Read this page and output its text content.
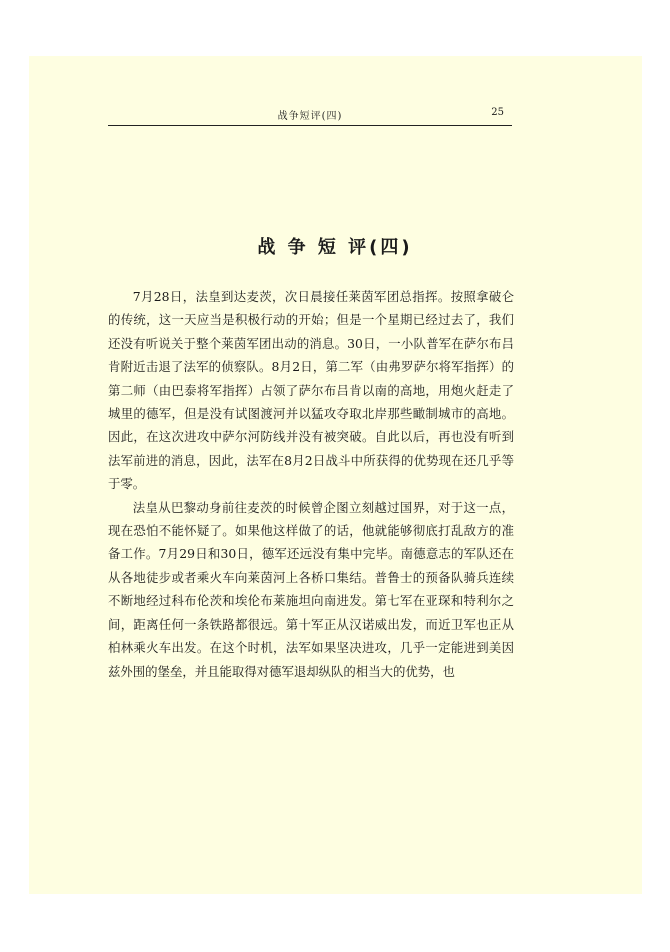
战争短评(四)	25
战 争 短 评(四)

7月28日，法皇到达麦茨，次日晨接任莱茵军团总指挥。按照拿破仑的传统，这一天应当是积极行动的开始；但是一个星期已经过去了，我们还没有听说关于整个莱茵军团出动的消息。30日，一小队普军在萨尔布吕肯附近击退了法军的侦察队。8月2日，第二军（由弗罗萨尔将军指挥）的第二师（由巴泰将军指挥）占领了萨尔布吕肯以南的高地，用炮火赶走了城里的德军，但是没有试图渡河并以猛攻夺取北岸那些瞰制城市的高地。因此，在这次进攻中萨尔河防线并没有被突破。自此以后，再也没有听到法军前进的消息，因此，法军在8月2日战斗中所获得的优势现在还几乎等于零。

法皇从巴黎动身前往麦茨的时候曾企图立刻越过国界，对于这一点，现在恐怕不能怀疑了。如果他这样做了的话，他就能够彻底打乱敌方的准备工作。7月29日和30日，德军还远没有集中完毕。南德意志的军队还在从各地徒步或者乘火车向莱茵河上各桥口集结。普鲁士的预备队骑兵连续不断地经过科布伦茨和埃伦布莱施坦向南进发。第七军在亚琛和特利尔之间，距离任何一条铁路都很远。第十军正从汉诺威出发，而近卫军也正从柏林乘火车出发。在这个时机，法军如果坚决进攻，几乎一定能进到美因兹外围的堡垒，并且能取得对德军退却纵队的相当大的优势，也
